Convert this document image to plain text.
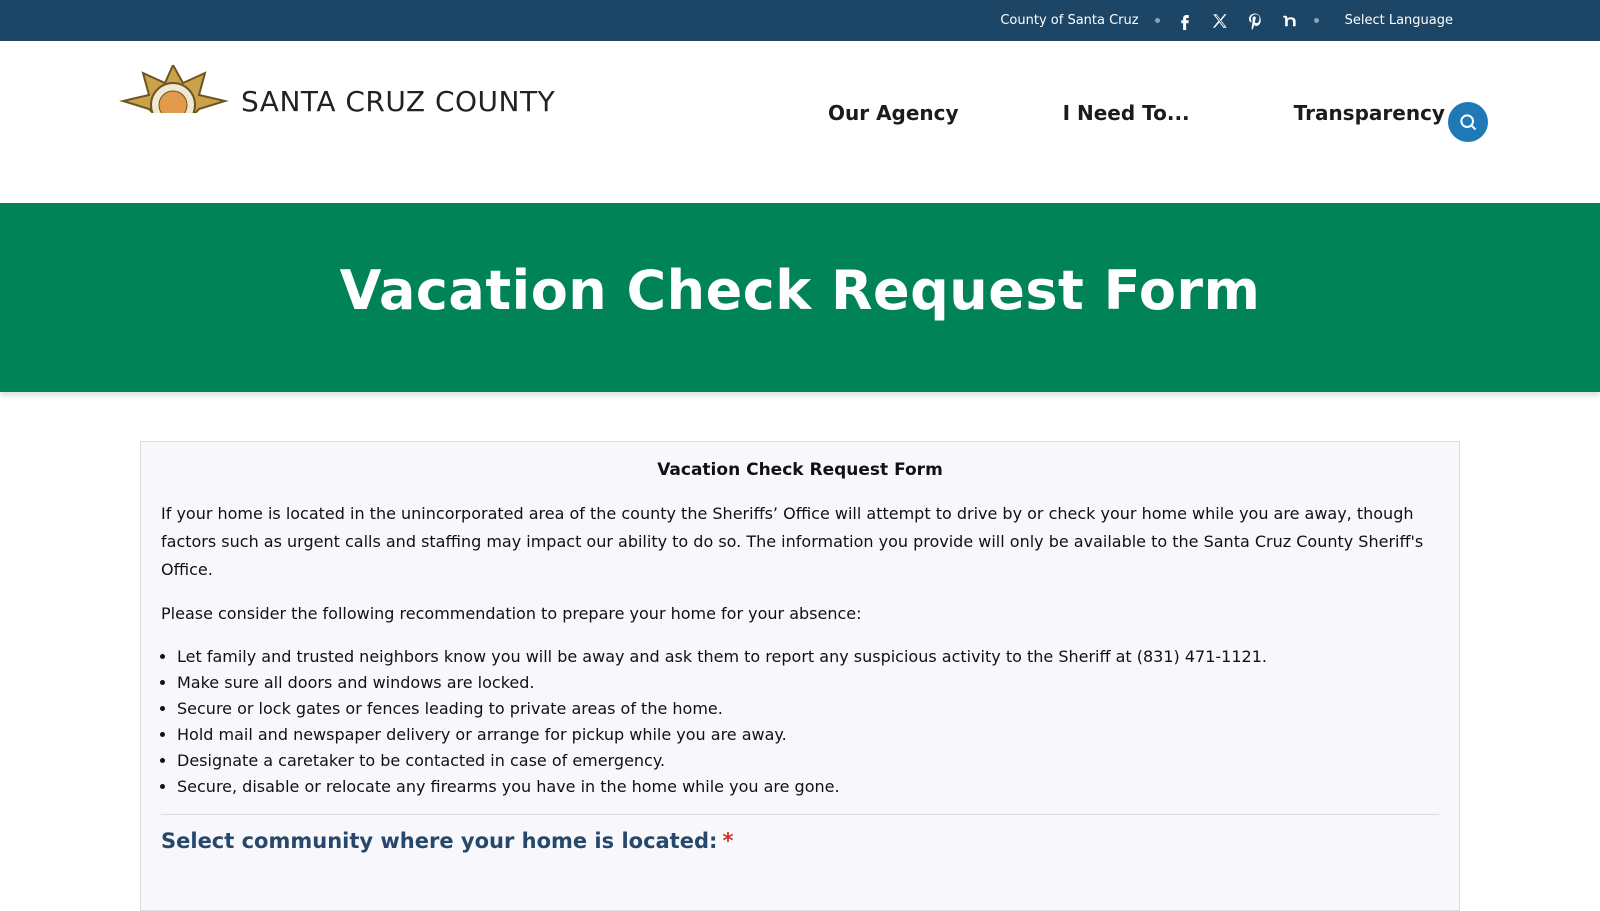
County of Santa Cruz	Select Language
SANTA CRUZ COUNTY	Our Agency	I Need To...	Transparency
Vacation Check Request Form
Vacation Check Request Form

If your home is located in the unincorporated area of the county the Sheriffs’ Office will attempt to drive by or check your home while you are away, though factors such as urgent calls and staffing may impact our ability to do so. The information you provide will only be available to the Santa Cruz County Sheriff's Office.

Please consider the following recommendation to prepare your home for your absence:

• Let family and trusted neighbors know you will be away and ask them to report any suspicious activity to the Sheriff at (831) 471-1121.
• Make sure all doors and windows are locked.
• Secure or lock gates or fences leading to private areas of the home.
• Hold mail and newspaper delivery or arrange for pickup while you are away.
• Designate a caretaker to be contacted in case of emergency.
• Secure, disable or relocate any firearms you have in the home while you are gone.
Select community where your home is located: *
